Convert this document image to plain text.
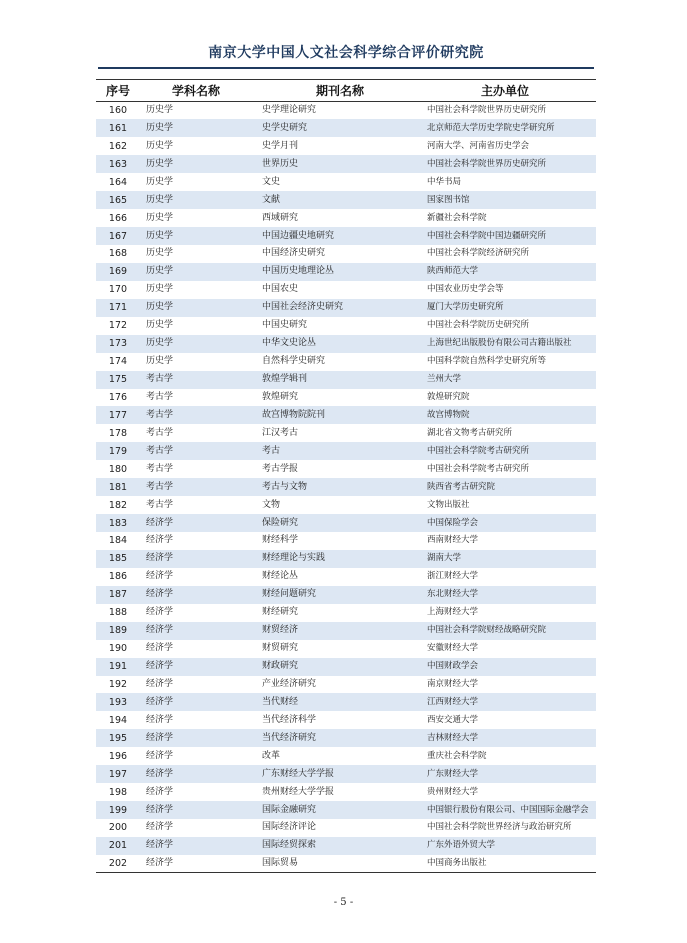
南京大学中国人文社会科学综合评价研究院
序号	学科名称	期刊名称	主办单位
160	历史学	史学理论研究	中国社会科学院世界历史研究所
161	历史学	史学史研究	北京师范大学历史学院史学研究所
162	历史学	史学月刊	河南大学、河南省历史学会
163	历史学	世界历史	中国社会科学院世界历史研究所
164	历史学	文史	中华书局
165	历史学	文献	国家图书馆
166	历史学	西域研究	新疆社会科学院
167	历史学	中国边疆史地研究	中国社会科学院中国边疆研究所
168	历史学	中国经济史研究	中国社会科学院经济研究所
169	历史学	中国历史地理论丛	陕西师范大学
170	历史学	中国农史	中国农业历史学会等
171	历史学	中国社会经济史研究	厦门大学历史研究所
172	历史学	中国史研究	中国社会科学院历史研究所
173	历史学	中华文史论丛	上海世纪出版股份有限公司古籍出版社
174	历史学	自然科学史研究	中国科学院自然科学史研究所等
175	考古学	敦煌学辑刊	兰州大学
176	考古学	敦煌研究	敦煌研究院
177	考古学	故宫博物院院刊	故宫博物院
178	考古学	江汉考古	湖北省文物考古研究所
179	考古学	考古	中国社会科学院考古研究所
180	考古学	考古学报	中国社会科学院考古研究所
181	考古学	考古与文物	陕西省考古研究院
182	考古学	文物	文物出版社
183	经济学	保险研究	中国保险学会
184	经济学	财经科学	西南财经大学
185	经济学	财经理论与实践	湖南大学
186	经济学	财经论丛	浙江财经大学
187	经济学	财经问题研究	东北财经大学
188	经济学	财经研究	上海财经大学
189	经济学	财贸经济	中国社会科学院财经战略研究院
190	经济学	财贸研究	安徽财经大学
191	经济学	财政研究	中国财政学会
192	经济学	产业经济研究	南京财经大学
193	经济学	当代财经	江西财经大学
194	经济学	当代经济科学	西安交通大学
195	经济学	当代经济研究	吉林财经大学
196	经济学	改革	重庆社会科学院
197	经济学	广东财经大学学报	广东财经大学
198	经济学	贵州财经大学学报	贵州财经大学
199	经济学	国际金融研究	中国银行股份有限公司、中国国际金融学会
200	经济学	国际经济评论	中国社会科学院世界经济与政治研究所
201	经济学	国际经贸探索	广东外语外贸大学
202	经济学	国际贸易	中国商务出版社
- 5 -
